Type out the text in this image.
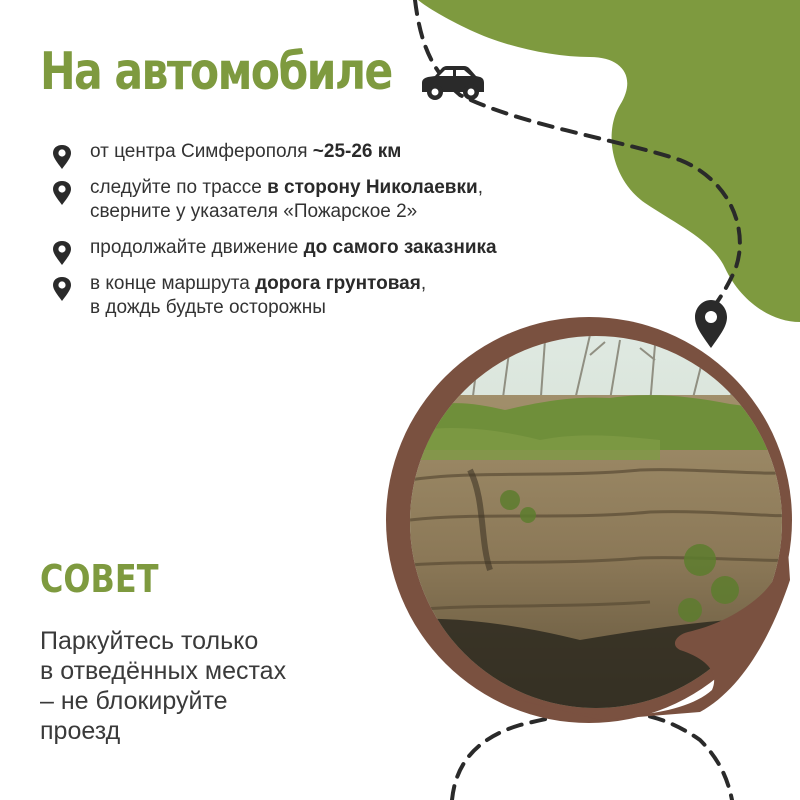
На автомобиле
от центра Симферополя ~25-26 км
следуйте по трассе в сторону Николаевки,
сверните у указателя «Пожарское 2»
продолжайте движение до самого заказника
в конце маршрута дорога грунтовая,
в дождь будьте осторожны
СОВЕТ

Паркуйтесь только
в отведённых местах
– не блокируйте
проезд
